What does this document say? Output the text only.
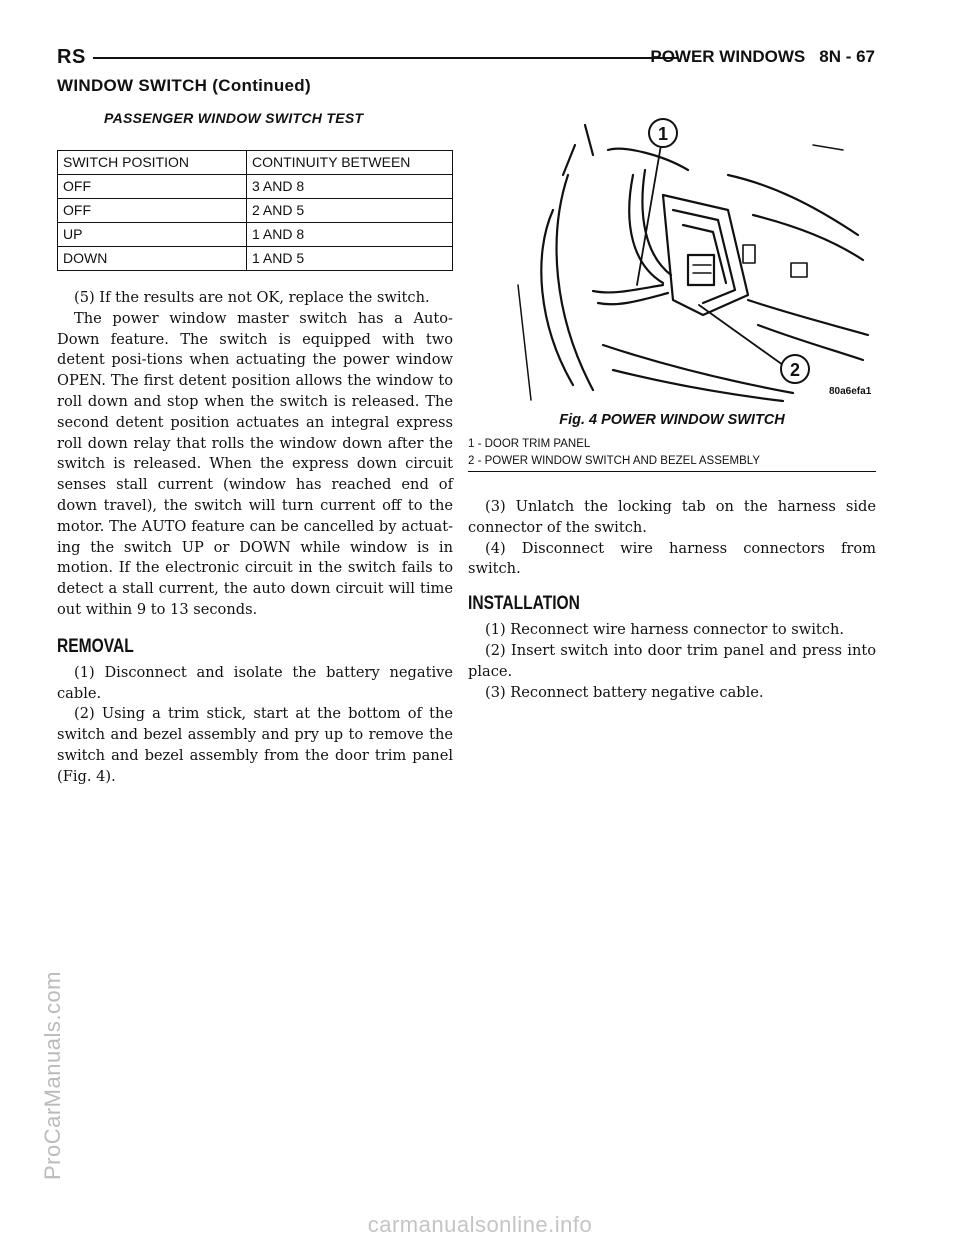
RS	POWER WINDOWS 8N - 67
WINDOW SWITCH (Continued)
PASSENGER WINDOW SWITCH TEST
SWITCH POSITION	CONTINUITY BETWEEN
OFF	3 AND 8
OFF	2 AND 5
UP	1 AND 8
DOWN	1 AND 5

(5) If the results are not OK, replace the switch.

The power window master switch has a Auto-Down feature. The switch is equipped with two detent posi-tions when actuating the power window OPEN. The first detent position allows the window to roll down and stop when the switch is released. The second detent position actuates an integral express roll down relay that rolls the window down after the switch is released. When the express down circuit senses stall current (window has reached end of down travel), the switch will turn current off to the motor. The AUTO feature can be cancelled by actuat-ing the switch UP or DOWN while window is in motion. If the electronic circuit in the switch fails to detect a stall current, the auto down circuit will time out within 9 to 13 seconds.

REMOVAL

(1) Disconnect and isolate the battery negative cable.

(2) Using a trim stick, start at the bottom of the switch and bezel assembly and pry up to remove the switch and bezel assembly from the door trim panel (Fig. 4).

1
2
80a6efa1
Fig. 4 POWER WINDOW SWITCH
1 - DOOR TRIM PANEL
2 - POWER WINDOW SWITCH AND BEZEL ASSEMBLY

(3) Unlatch the locking tab on the harness side connector of the switch.

(4) Disconnect wire harness connectors from switch.

INSTALLATION

(1) Reconnect wire harness connector to switch.

(2) Insert switch into door trim panel and press into place.

(3) Reconnect battery negative cable.

ProCarManuals.com
carmanualsonline.info
